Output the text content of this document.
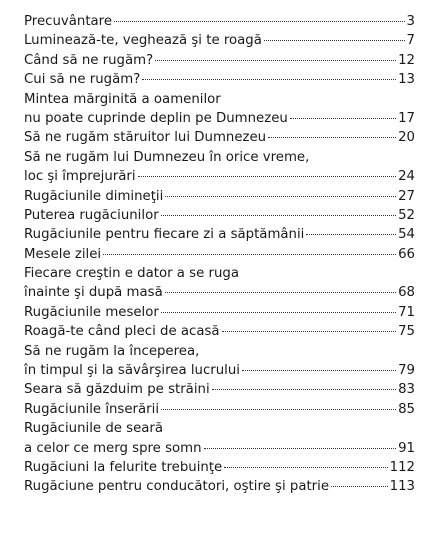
Precuvântare	3
Luminează-te, veghează şi te roagă	7
Când să ne rugăm?	12
Cui să ne rugăm?	13
Mintea mărginită a oamenilor
nu poate cuprinde deplin pe Dumnezeu	17
Să ne rugăm stăruitor lui Dumnezeu	20
Să ne rugăm lui Dumnezeu în orice vreme,
loc şi împrejurări	24
Rugăciunile dimineţii	27
Puterea rugăciunilor	52
Rugăciunile pentru fiecare zi a săptămânii	54
Mesele zilei	66
Fiecare creştin e dator a se ruga
înainte şi după masă	68
Rugăciunile meselor	71
Roagă-te când pleci de acasă	75
Să ne rugăm la începerea,
în timpul şi la săvârşirea lucrului	79
Seara să găzduim pe străini	83
Rugăciunile înserării	85
Rugăciunile de seară
a celor ce merg spre somn	91
Rugăciuni la felurite trebuinţe	112
Rugăciune pentru conducători, oştire şi patrie	113
